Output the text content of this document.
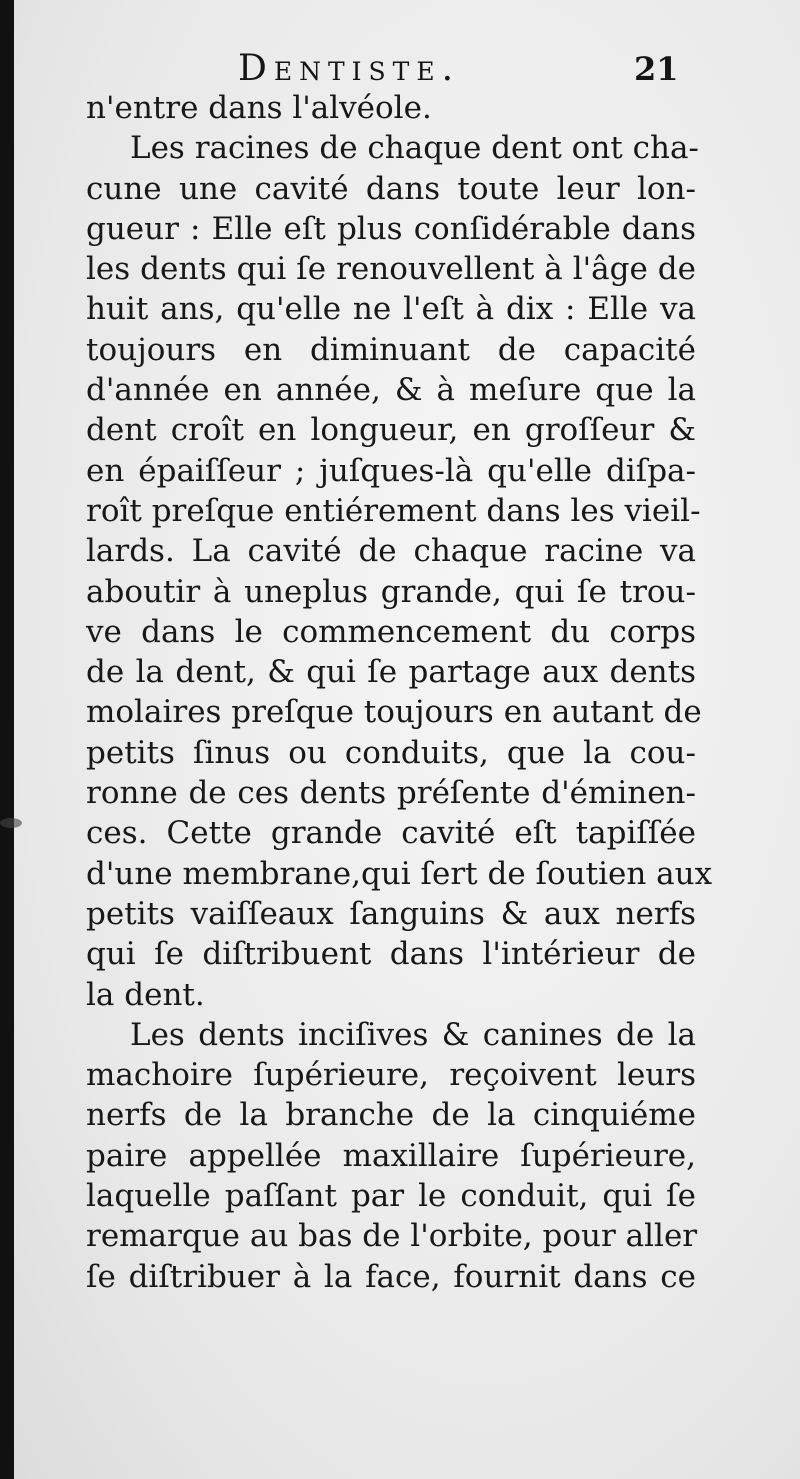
Dentiste.	21
n'entre dans l'alvéole.
Les racines de chaque dent ont cha-
cune une cavité dans toute leur lon-
gueur : Elle eſt plus conſidérable dans
les dents qui ſe renouvellent à l'âge de
huit ans, qu'elle ne l'eſt à dix : Elle va
toujours en diminuant de capacité
d'année en année, & à meſure que la
dent croît en longueur, en groſſeur &
en épaiſſeur ; juſques-là qu'elle diſpa-
roît preſque entiérement dans les vieil-
lards. La cavité de chaque racine va
aboutir à uneplus grande, qui ſe trou-
ve dans le commencement du corps
de la dent, & qui ſe partage aux dents
molaires preſque toujours en autant de
petits ſinus ou conduits, que la cou-
ronne de ces dents préſente d'éminen-
ces. Cette grande cavité eſt tapiſſée
d'une membrane,qui ſert de ſoutien aux
petits vaiſſeaux ſanguins & aux nerfs
qui ſe diſtribuent dans l'intérieur de
la dent.
Les dents inciſives & canines de la
machoire ſupérieure, reçoivent leurs
nerfs de la branche de la cinquiéme
paire appellée maxillaire ſupérieure,
laquelle paſſant par le conduit, qui ſe
remarque au bas de l'orbite, pour aller
ſe diſtribuer à la face, fournit dans ce
